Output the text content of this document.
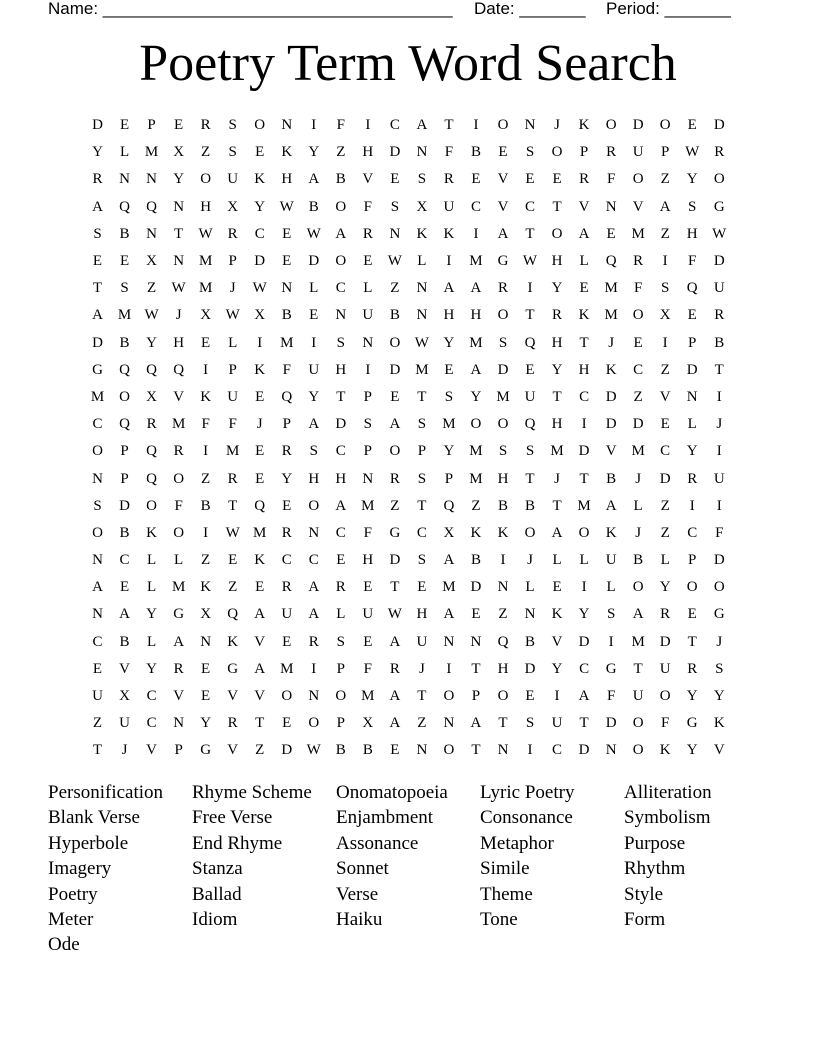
Name: _____________________________________ Date: _______ Period: _______
Poetry Term Word Search
D	E	P	E	R	S	O	N	I	F	I	C	A	T	I	O	N	J	K	O	D	O	E	D
Y	L	M X	Z	S	E	K	Y	Z	H	D	N	F	B	E	S	O	P	R	U	P	W R
R	N	N	Y	O	U	K	H	A	B	V	E	S	R	E	V	E	E	R	F	O	Z	Y	O
A	Q	Q	N	H	X	Y W B	O	F	S	X	U	C	V	C	T	V	N	V	A	S	G
S	B	N	T	W R	C	E	W A	R	N	K	K	I	A	T	O	A	E	M	Z	H W
E	E	X	N M	P	D	E	D	O	E	W	L	I	M G W H	L	Q	R	I	F	D
T	S	Z	W M	J	W N	L	C	L	Z	N	A	A	R	I	Y	E	M	F	S	Q	U
A M W	J	X W X	B	E	N	U	B	N	H	H	O	T	R	K M O	X	E	R
D	B	Y	H	E	L	I	M	I	S	N	O W Y M	S	Q	H	T	J	E	I	P	B
G	Q	Q	Q	I	P	K	F	U	H	I	D M	E	A	D	E	Y	H	K	C	Z	D	T
M O	X	V	K	U	E	Q	Y	T	P	E	T	S	Y M U	T	C	D	Z	V	N	I
C	Q	R	M	F	F	J	P	A	D	S	A	S	M O	O	Q	H	I	D	D	E	L	J
O	P	Q	R	I	M	E	R	S	C	P	O	P	Y M	S	S	M D	V M	C	Y	I
N	P	Q	O	Z	R	E	Y	H	H	N	R	S	P	M H	T	J	T	B	J	D	R	U
S	D	O	F	B	T	Q	E	O	A M	Z	T	Q	Z	B	B	T	M A	L	Z	I	I
O	B	K	O	I	W M	R	N	C	F	G	C	X	K	K	O	A	O	K	J	Z	C	F
N	C	L	L	Z	E	K	C	C	E	H	D	S	A	B	I	J	L	L	U	B	L	P	D
A	E	L	M K	Z	E	R	A	R	E	T	E	M D	N	L	E	I	L	O	Y	O	O
N	A	Y	G	X	Q	A	U	A	L	U W H	A	E	Z	N	K	Y	S	A	R	E	G
C	B	L	A	N	K	V	E	R	S	E	A	U	N	N	Q	B	V	D	I	M D	T	J
E	V	Y	R	E	G	A M	I	P	F	R	J	I	T	H	D	Y	C	G	T	U	R	S
U	X	C	V	E	V	V	O	N	O M A	T	O	P	O	E	I	A	F	U	O	Y	Y
Z	U	C	N	Y	R	T	E	O	P	X	A	Z	N	A	T	S	U	T	D	O	F	G	K
T	J	V	P	G	V	Z	D W B	B	E	N	O	T	N	I	C	D	N	O	K	Y	V
Personification	Rhyme Scheme	Onomatopoeia	Lyric Poetry	Alliteration
Blank Verse	Free Verse	Enjambment	Consonance	Symbolism
Hyperbole	End Rhyme	Assonance	Metaphor	Purpose
Imagery	Stanza	Sonnet	Simile	Rhythm
Poetry	Ballad	Verse	Theme	Style
Meter	Idiom	Haiku	Tone	Form
Ode
